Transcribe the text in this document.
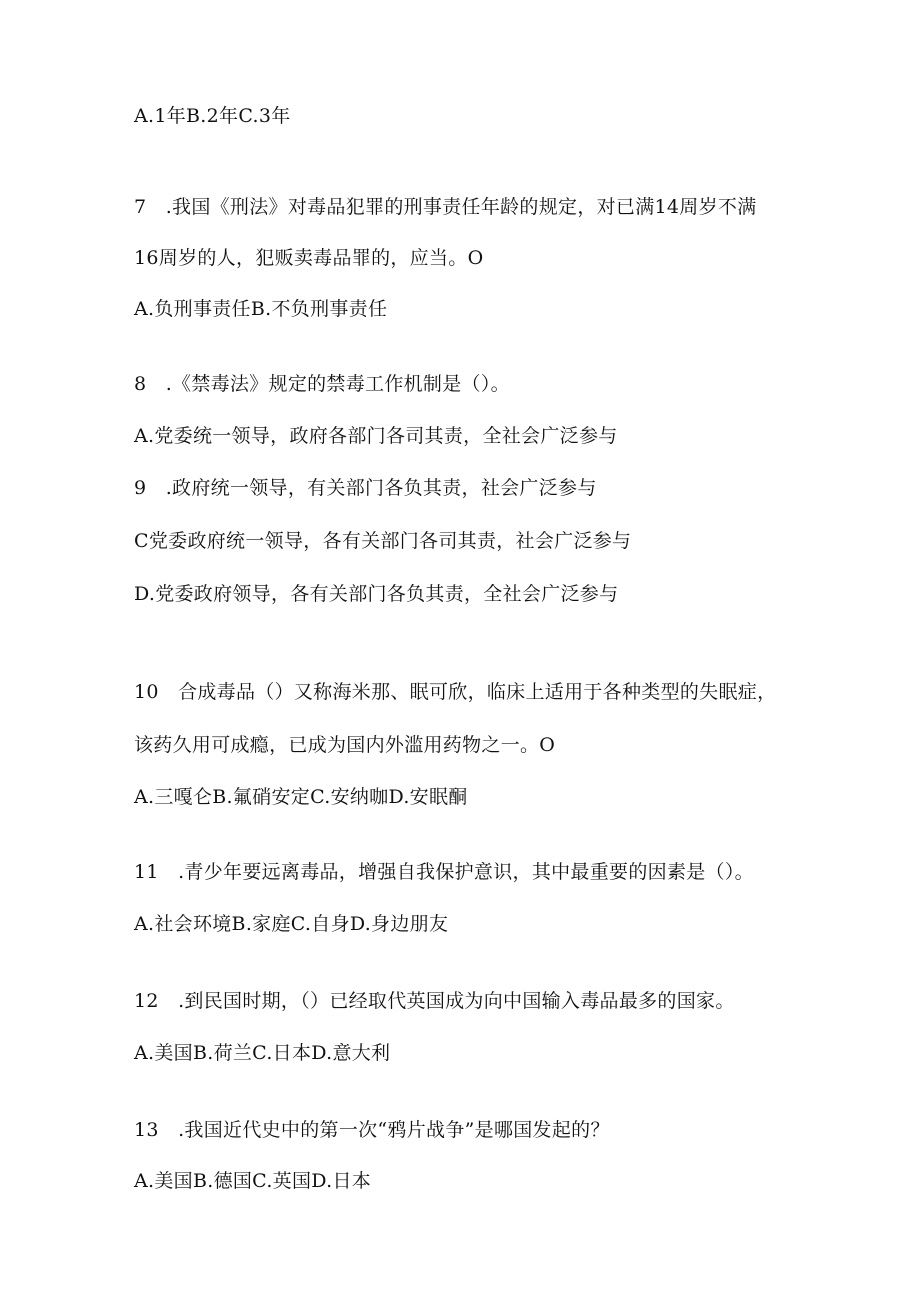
A.1年B.2年C.3年
7　.我国《刑法》对毒品犯罪的刑事责任年龄的规定，对已满14周岁不满
16周岁的人，犯贩卖毒品罪的，应当。O
A.负刑事责任B.不负刑事责任
8　.《禁毒法》规定的禁毒工作机制是（）。
A.党委统一领导，政府各部门各司其责，全社会广泛参与
9　.政府统一领导，有关部门各负其责，社会广泛参与
C党委政府统一领导，各有关部门各司其责，社会广泛参与
D.党委政府领导，各有关部门各负其责，全社会广泛参与
10　合成毒品（）又称海米那、眠可欣，临床上适用于各种类型的失眠症，
该药久用可成瘾，已成为国内外滥用药物之一。O
A.三嘎仑B.氟硝安定C.安纳咖D.安眠酮
11　.青少年要远离毒品，增强自我保护意识，其中最重要的因素是（）。
A.社会环境B.家庭C.自身D.身边朋友
12　.到民国时期，（）已经取代英国成为向中国输入毒品最多的国家。
A.美国B.荷兰C.日本D.意大利
13　.我国近代史中的第一次“鸦片战争”是哪国发起的？
A.美国B.德国C.英国D.日本
